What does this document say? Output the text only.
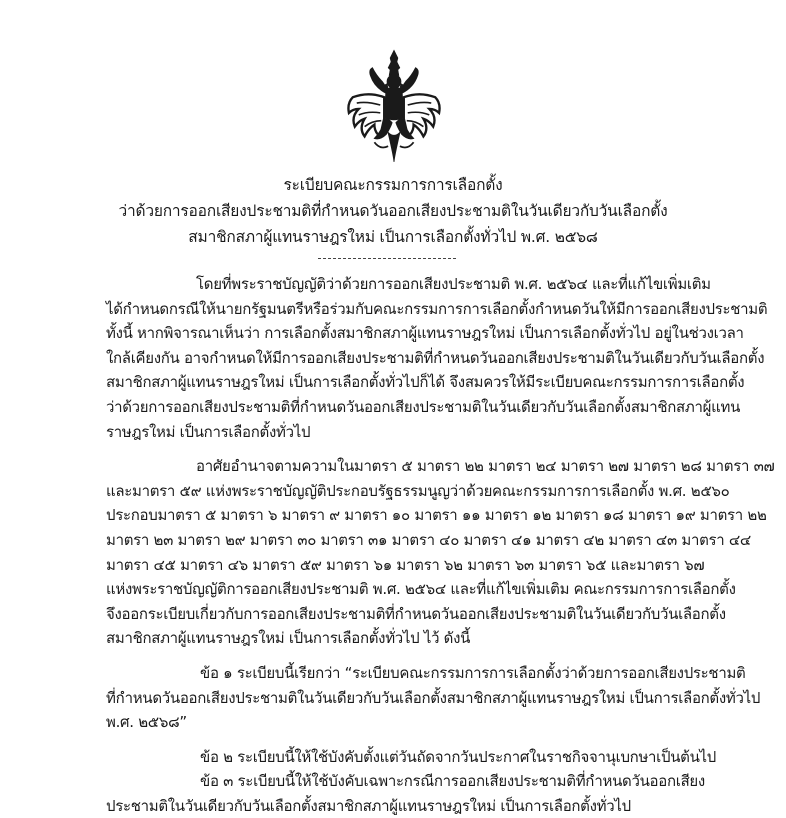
ระเบียบคณะกรรมการการเลือกตั้ง
ว่าด้วยการออกเสียงประชามติที่กำหนดวันออกเสียงประชามติในวันเดียวกับวันเลือกตั้ง
สมาชิกสภาผู้แทนราษฎรใหม่ เป็นการเลือกตั้งทั่วไป พ.ศ. ๒๕๖๘
โดยที่พระราชบัญญัติว่าด้วยการออกเสียงประชามติ พ.ศ. ๒๕๖๔ และที่แก้ไขเพิ่มเติม
ได้กำหนดกรณีให้นายกรัฐมนตรีหรือร่วมกับคณะกรรมการการเลือกตั้งกำหนดวันให้มีการออกเสียงประชามติ
ทั้งนี้ หากพิจารณาเห็นว่า การเลือกตั้งสมาชิกสภาผู้แทนราษฎรใหม่ เป็นการเลือกตั้งทั่วไป อยู่ในช่วงเวลา
ใกล้เคียงกัน อาจกำหนดให้มีการออกเสียงประชามติที่กำหนดวันออกเสียงประชามติในวันเดียวกับวันเลือกตั้ง
สมาชิกสภาผู้แทนราษฎรใหม่ เป็นการเลือกตั้งทั่วไปก็ได้ จึงสมควรให้มีระเบียบคณะกรรมการการเลือกตั้ง
ว่าด้วยการออกเสียงประชามติที่กำหนดวันออกเสียงประชามติในวันเดียวกับวันเลือกตั้งสมาชิกสภาผู้แทน
ราษฎรใหม่ เป็นการเลือกตั้งทั่วไป
อาศัยอำนาจตามความในมาตรา ๕ มาตรา ๒๒ มาตรา ๒๔ มาตรา ๒๗ มาตรา ๒๘ มาตรา ๓๗
และมาตรา ๕๙ แห่งพระราชบัญญัติประกอบรัฐธรรมนูญว่าด้วยคณะกรรมการการเลือกตั้ง พ.ศ. ๒๕๖๐
ประกอบมาตรา ๕ มาตรา ๖ มาตรา ๙ มาตรา ๑๐ มาตรา ๑๑ มาตรา ๑๒ มาตรา ๑๘ มาตรา ๑๙ มาตรา ๒๒
มาตรา ๒๓ มาตรา ๒๙ มาตรา ๓๐ มาตรา ๓๑ มาตรา ๔๐ มาตรา ๔๑ มาตรา ๔๒ มาตรา ๔๓ มาตรา ๔๔
มาตรา ๔๕ มาตรา ๔๖ มาตรา ๕๙ มาตรา ๖๑ มาตรา ๖๒ มาตรา ๖๓ มาตรา ๖๕ และมาตรา ๖๗
แห่งพระราชบัญญัติการออกเสียงประชามติ พ.ศ. ๒๕๖๔ และที่แก้ไขเพิ่มเติม คณะกรรมการการเลือกตั้ง
จึงออกระเบียบเกี่ยวกับการออกเสียงประชามติที่กำหนดวันออกเสียงประชามติในวันเดียวกับวันเลือกตั้ง
สมาชิกสภาผู้แทนราษฎรใหม่ เป็นการเลือกตั้งทั่วไป ไว้ ดังนี้
ข้อ ๑ ระเบียบนี้เรียกว่า “ระเบียบคณะกรรมการการเลือกตั้งว่าด้วยการออกเสียงประชามติ
ที่กำหนดวันออกเสียงประชามติในวันเดียวกับวันเลือกตั้งสมาชิกสภาผู้แทนราษฎรใหม่ เป็นการเลือกตั้งทั่วไป
พ.ศ. ๒๕๖๘”
ข้อ ๒ ระเบียบนี้ให้ใช้บังคับตั้งแต่วันถัดจากวันประกาศในราชกิจจานุเบกษาเป็นต้นไป
ข้อ ๓ ระเบียบนี้ให้ใช้บังคับเฉพาะกรณีการออกเสียงประชามติที่กำหนดวันออกเสียง
ประชามติในวันเดียวกับวันเลือกตั้งสมาชิกสภาผู้แทนราษฎรใหม่ เป็นการเลือกตั้งทั่วไป
